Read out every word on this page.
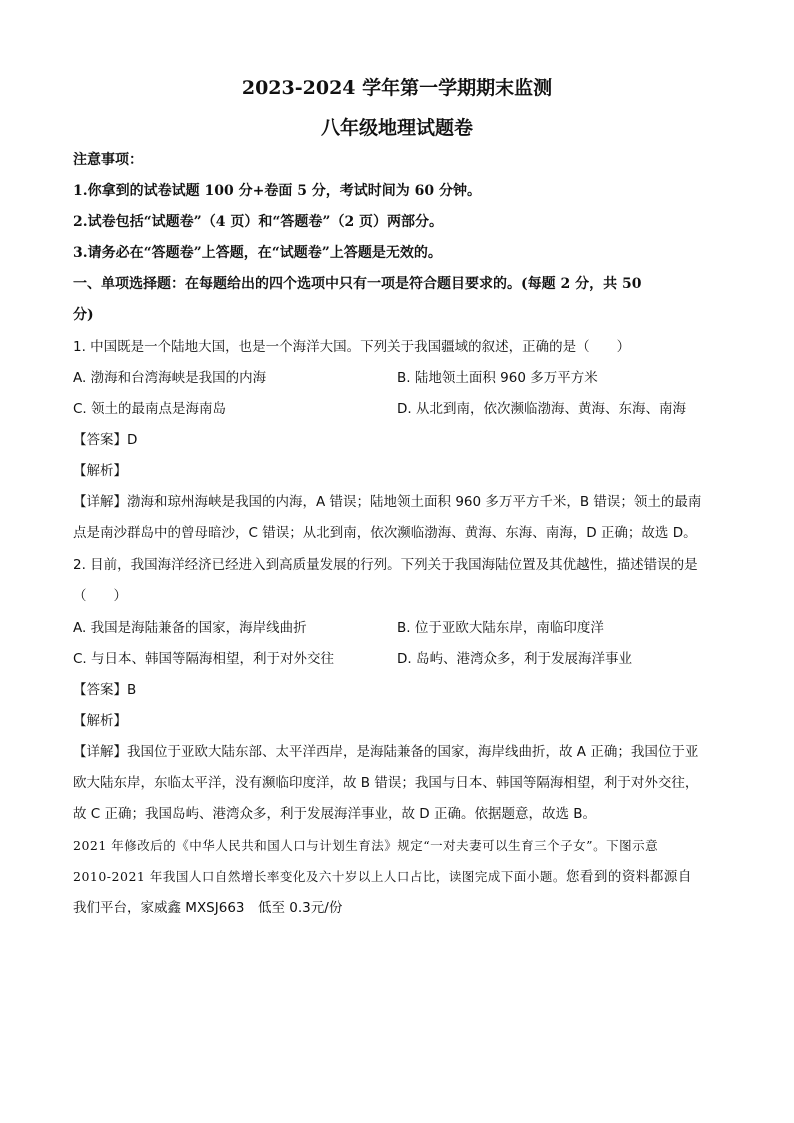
2023-2024 学年第一学期期末监测
八年级地理试题卷
注意事项：
1.你拿到的试卷试题 100 分+卷面 5 分，考试时间为 60 分钟。
2.试卷包括“试题卷”（4 页）和“答题卷”（2 页）两部分。
3.请务必在“答题卷”上答题，在“试题卷”上答题是无效的。
一、单项选择题：在每题给出的四个选项中只有一项是符合题目要求的。(每题 2 分，共 50
分)
1. 中国既是一个陆地大国，也是一个海洋大国。下列关于我国疆域的叙述，正确的是（　　）
A. 渤海和台湾海峡是我国的内海	B. 陆地领土面积 960 多万平方米
C. 领土的最南点是海南岛	D. 从北到南，依次濒临渤海、黄海、东海、南海
【答案】D
【解析】
【详解】渤海和琼州海峡是我国的内海，A 错误；陆地领土面积 960 多万平方千米，B 错误；领土的最南
点是南沙群岛中的曾母暗沙，C 错误；从北到南，依次濒临渤海、黄海、东海、南海，D 正确；故选 D。
2. 目前，我国海洋经济已经进入到高质量发展的行列。下列关于我国海陆位置及其优越性，描述错误的是
（　　）
A. 我国是海陆兼备的国家，海岸线曲折	B. 位于亚欧大陆东岸，南临印度洋
C. 与日本、韩国等隔海相望，利于对外交往	D. 岛屿、港湾众多，利于发展海洋事业
【答案】B
【解析】
【详解】我国位于亚欧大陆东部、太平洋西岸，是海陆兼备的国家，海岸线曲折，故 A 正确；我国位于亚
欧大陆东岸，东临太平洋，没有濒临印度洋，故 B 错误；我国与日本、韩国等隔海相望，利于对外交往，
故 C 正确；我国岛屿、港湾众多，利于发展海洋事业，故 D 正确。依据题意，故选 B。
2021 年修改后的《中华人民共和国人口与计划生育法》规定“一对夫妻可以生育三个子女”。下图示意
2010-2021 年我国人口自然增长率变化及六十岁以上人口占比，读图完成下面小题。您看到的资料都源自
我们平台，家威鑫 MXSJ663　低至 0.3元/份
